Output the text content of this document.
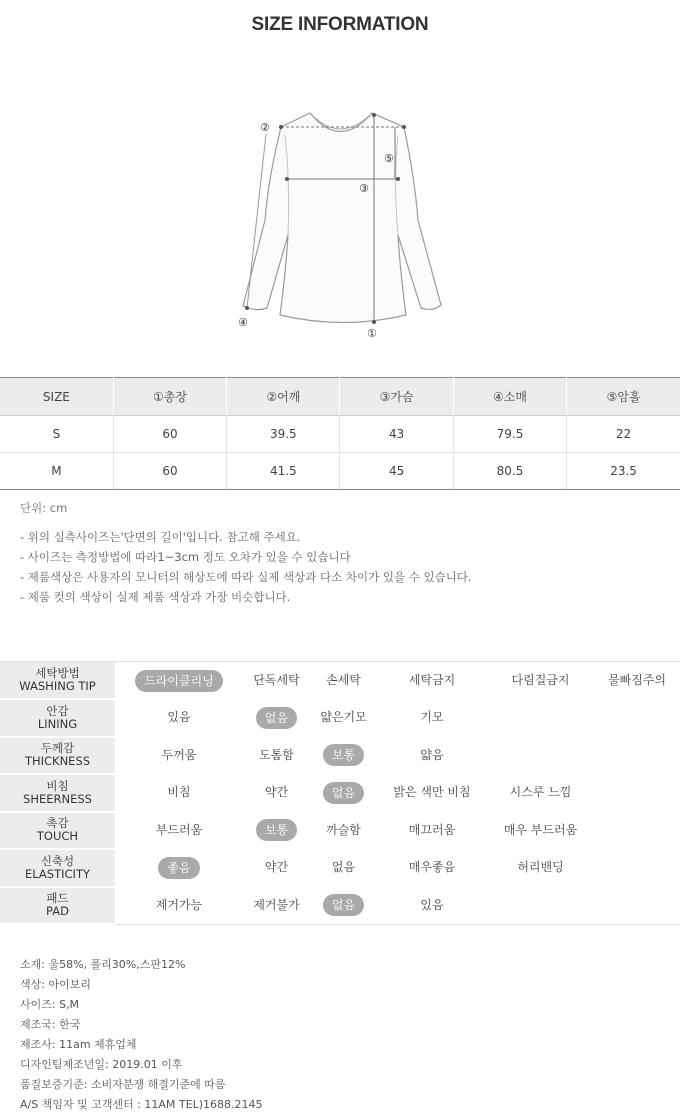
SIZE INFORMATION
②
⑤
③
④
①
SIZE	①총장	②어깨	③가슴	④소매	⑤암홀
S	60	39.5	43	79.5	22
M	60	41.5	45	80.5	23.5
단위: cm
- 위의 실측사이즈는'단면의 길이'입니다. 참고해 주세요.
- 사이즈는 측정방법에 따라1~3cm 정도 오차가 있을 수 있습니다
- 제품색상은 사용자의 모니터의 해상도에 따라 실제 색상과 다소 차이가 있을 수 있습니다.
- 제품 컷의 색상이 실제 제품 색상과 가장 비슷합니다.
세탁방법
WASHING TIP	드라이클리닝	단독세탁	손세탁	세탁금지	다림질금지	물빠짐주의

안감
LINING	있음	없음	얇은기모	기모		

두께감
THICKNESS	두꺼움	도톰함	보통	얇음		

비침
SHEERNESS	비침	약간	없음	밝은 색만 비침	시스루 느낌	

촉감
TOUCH	부드러움	보통	까슬함	매끄러움	매우 부드러움	

신축성
ELASTICITY	좋음	약간	없음	매우좋음	허리밴딩	

패드
PAD	제거가능	제거불가	없음	있음		
소재: 울58%, 폴리30%,스판12%
색상: 아이보리
사이즈: S,M
제조국: 한국
제조사: 11am 제휴업체
디자인팀제조년일: 2019.01 이후
품질보증기준: 소비자분쟁 해결기준에 따름
A/S 책임자 및 고객센터 : 11AM TEL)1688.2145
